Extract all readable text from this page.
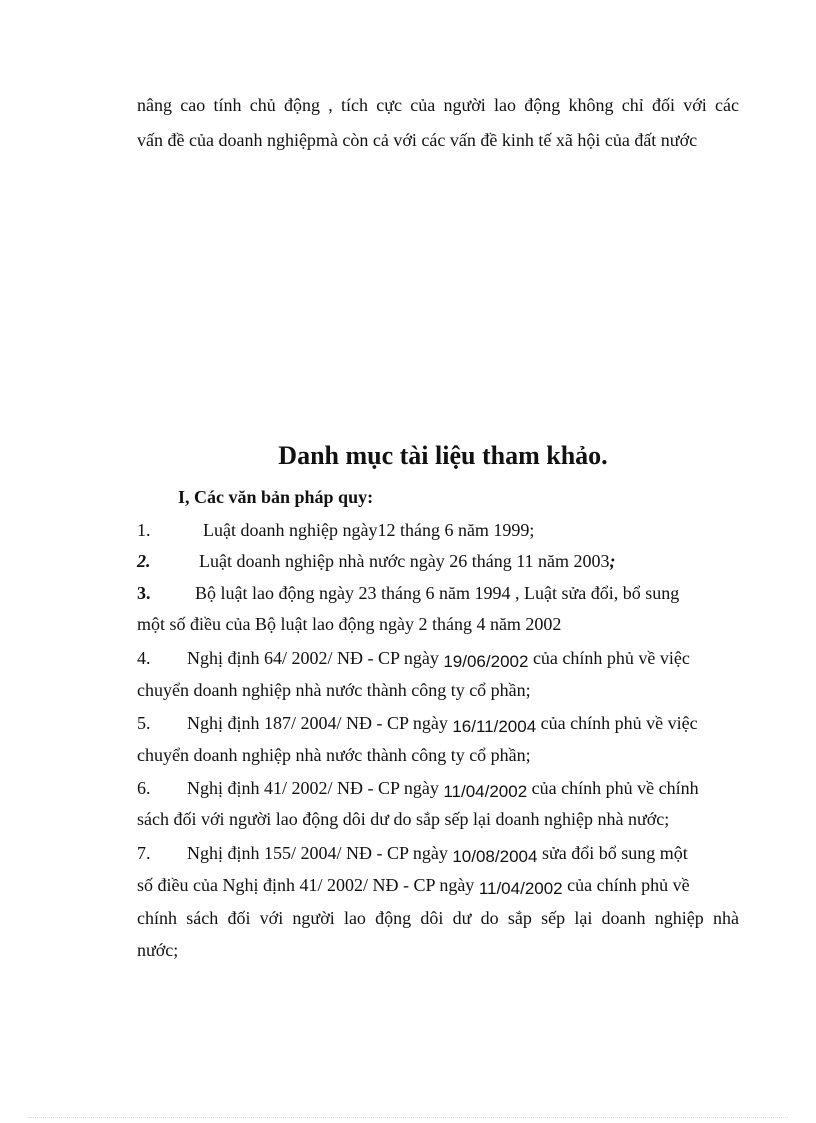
nâng cao tính chủ động , tích cực của người lao động không chỉ đối với các
vấn đề của doanh nghiệpmà còn cả với các vấn đề kinh tế xã hội của đất nước
Danh mục tài liệu tham khảo.
I, Các văn bản pháp quy:
1.	Luật doanh nghiệp ngày12 tháng 6 năm 1999;
2.	Luật doanh nghiệp nhà nước ngày 26 tháng 11 năm 2003;
3. Bộ luật lao động ngày 23 tháng 6 năm 1994 , Luật sửa đổi, bổ sung
một số điều của Bộ luật lao động ngày 2 tháng 4 năm 2002
4. Nghị định 64/ 2002/ NĐ - CP ngày 19/06/2002 của chính phủ về việc
chuyển doanh nghiệp nhà nước thành công ty cổ phần;
5. Nghị định 187/ 2004/ NĐ - CP ngày 16/11/2004 của chính phủ về việc
chuyển doanh nghiệp nhà nước thành công ty cổ phần;
6. Nghị định 41/ 2002/ NĐ - CP ngày 11/04/2002 của chính phủ về chính
sách đối với người lao động dôi dư do sắp sếp lại doanh nghiệp nhà nước;
7. Nghị định 155/ 2004/ NĐ - CP ngày 10/08/2004 sửa đổi bổ sung một
số điều của Nghị định 41/ 2002/ NĐ - CP ngày 11/04/2002 của chính phủ về
chính sách đối với người lao động dôi dư do sắp sếp lại doanh nghiệp nhà
nước;
